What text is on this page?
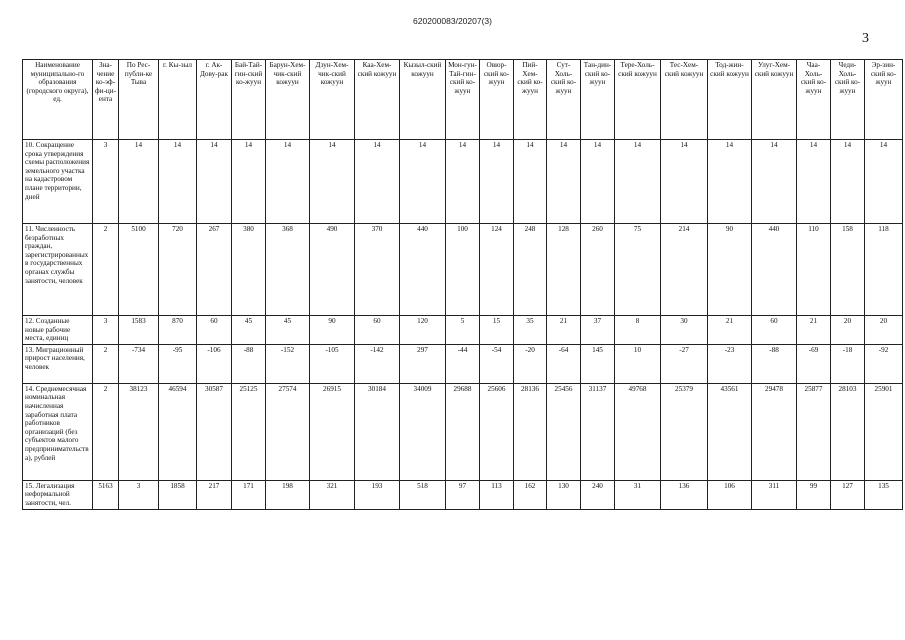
620200083/20207(3)
3
Наименование муниципально-го образования (городского округа), ед.	Зна-чение ко-эф-фи-ци-ента	По Рес-публи-ке Тыва	г. Кы-зыл	г. Ак-Дову-рак	Бай-Тай-гин-ский ко-жуун	Барун-Хем-чик-ский кожуун	Дзун-Хем-чик-ский кожуун	Каа-Хем-ский кожуун	Кызыл-ский кожуун	Мон-гун-Тай-гин-ский ко-жуун	Овюр-ский ко-жуун	Пий-Хем-ский ко-жуун	Сут-Холь-ский ко-жуун	Тан-дин-ский ко-жуун	Тере-Холь-ский кожуун	Тес-Хем-ский кожуун	Тод-жин-ский кожуун	Улуг-Хем-ский кожуун	Чаа-Холь-ский ко-жуун	Чеди-Холь-ский ко-жуун	Эр-зин-ский ко-жуун
10. Сокращение срока утверждения схемы расположения земельного участка на кадастровом плане территории, дней	3	14	14	14	14	14	14	14	14	14	14	14	14	14	14	14	14	14	14	14	14
11. Численность безработных граждан, зарегистрированных в государственных органах службы занятости, человек	2	5100	720	267	380	368	490	370	440	100	124	248	128	260	75	214	90	440	110	158	118
12. Созданные новые рабочие места, единиц	3	1583	870	60	45	45	90	60	120	5	15	35	21	37	8	30	21	60	21	20	20
13. Миграционный прирост населения, человек	2	-734	-95	-106	-88	-152	-105	-142	297	-44	-54	-20	-64	145	10	-27	-23	-88	-69	-18	-92
14. Среднемесячная номинальная начисленная заработная плата работников организаций (без субъектов малого предпринимательства), рублей	2	38123	46594	30587	25125	27574	26915	30184	34009	29688	25606	28136	25456	31137	49768	25379	43561	29478	25877	28103	25901
15. Легализация неформальной занятости, чел.	5163	3	1858	217	171	198	321	193	518	97	113	162	130	240	31	136	106	311	99	127	135
